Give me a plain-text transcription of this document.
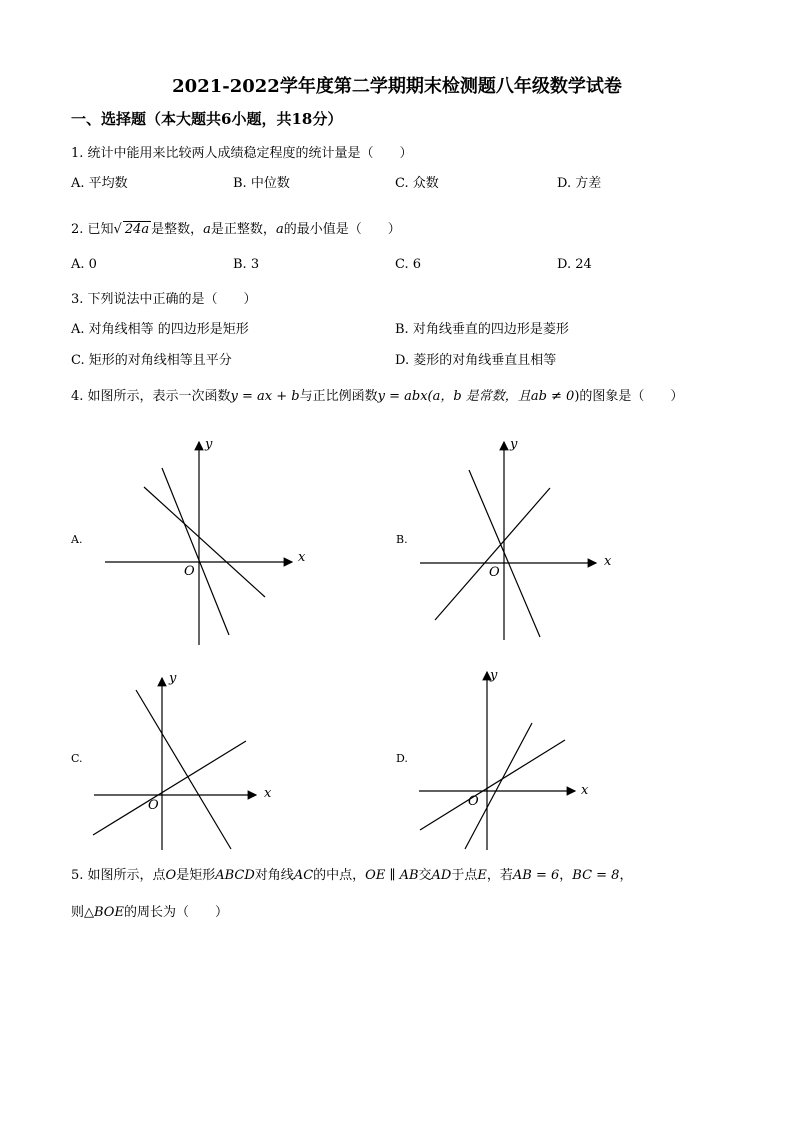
2021-2022学年度第二学期期末检测题八年级数学试卷
一、选择题（本大题共6小题，共18分）
1. 统计中能用来比较两人成绩稳定程度的统计量是（　　）
A. 平均数	B. 中位数	C. 众数	D. 方差
2. 已知√ 24a 是整数，a是正整数，a的最小值是（　　）
A. 0	B. 3	C. 6	D. 24
3. 下列说法中正确的是（　　）
A. 对角线相等 的四边形是矩形	B. 对角线垂直的四边形是菱形
C. 矩形的对角线相等且平分	D. 菱形的对角线垂直且相等
4. 如图所示，表示一次函数y = ax + b与正比例函数y = abx(a，b 是常数，且ab ≠ 0)的图象是（　　）
A.	B.
C.	D.
x
y
O
x
y
O
x
y
O
x
y
O
5. 如图所示，点O是矩形ABCD对角线AC的中点，OE ∥ AB交AD于点E，若AB = 6，BC = 8，
则△BOE的周长为（　　）
